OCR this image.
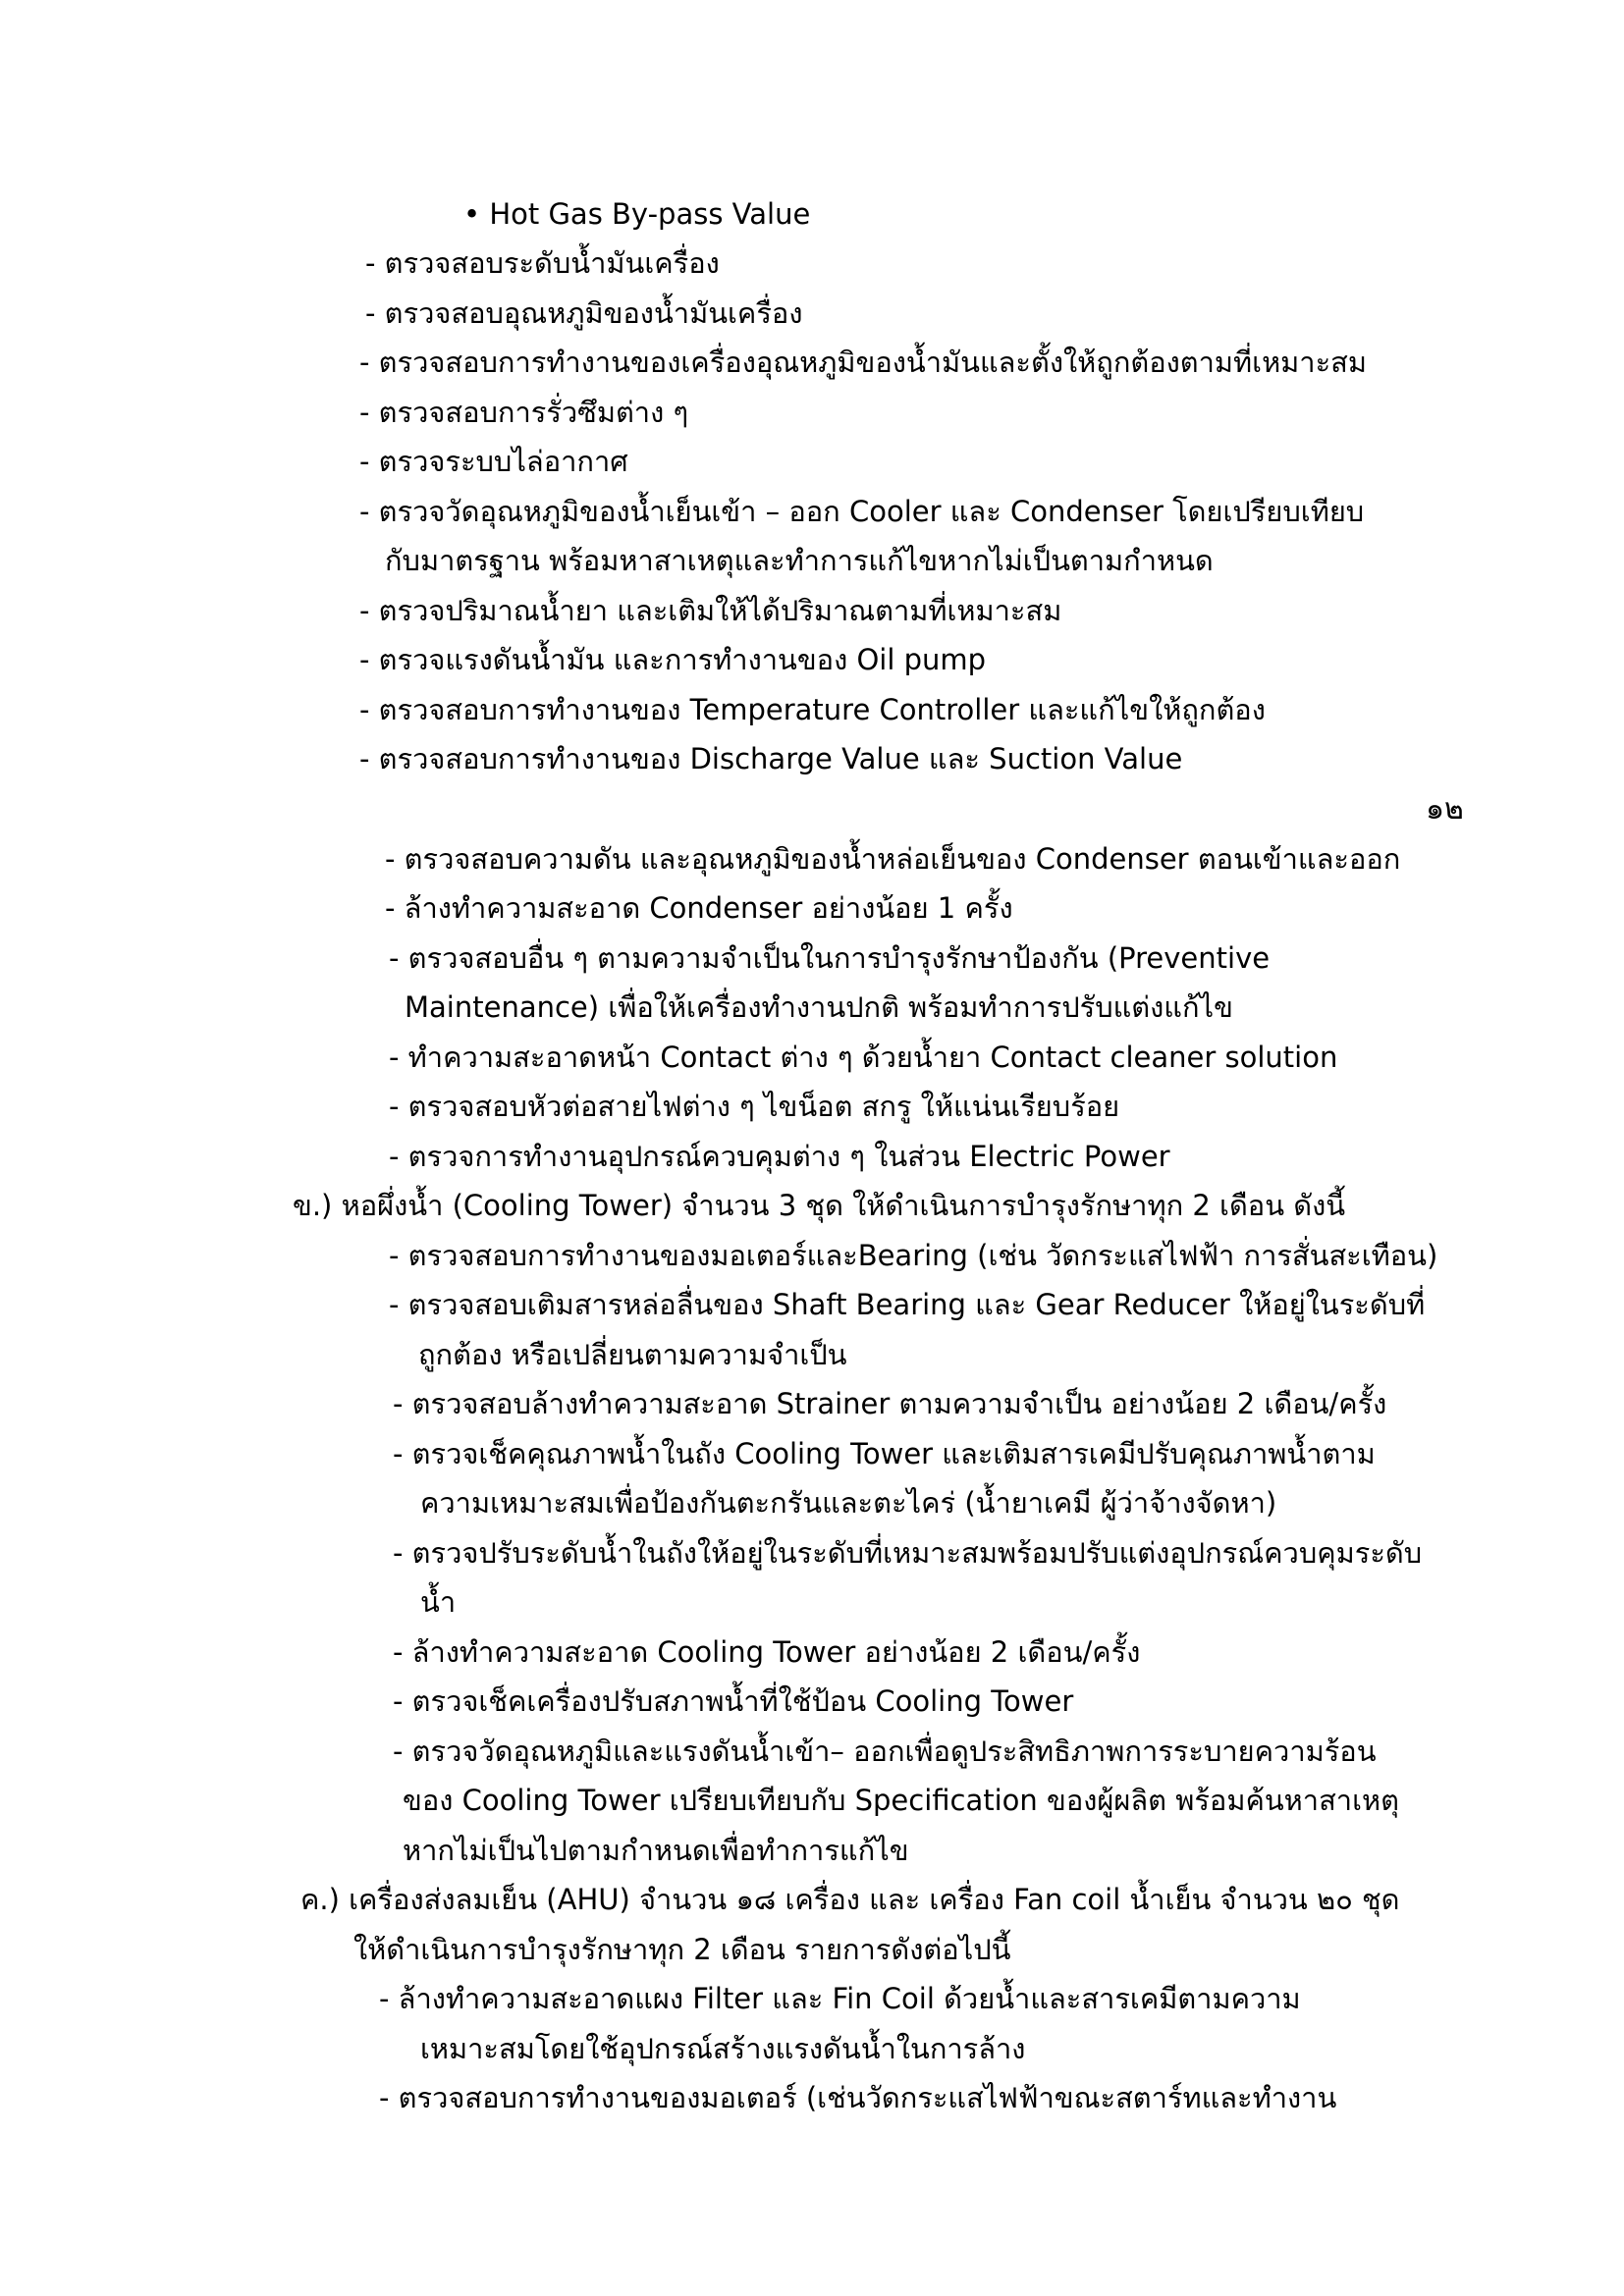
• Hot Gas By-pass Value
- ตรวจสอบระดับน้ำมันเครื่อง
- ตรวจสอบอุณหภูมิของน้ำมันเครื่อง
- ตรวจสอบการทำงานของเครื่องอุณหภูมิของน้ำมันและตั้งให้ถูกต้องตามที่เหมาะสม
- ตรวจสอบการรั่วซึมต่าง ๆ
- ตรวจระบบไล่อากาศ
- ตรวจวัดอุณหภูมิของน้ำเย็นเข้า – ออก Cooler และ Condenser โดยเปรียบเทียบ
กับมาตรฐาน พร้อมหาสาเหตุและทำการแก้ไขหากไม่เป็นตามกำหนด
- ตรวจปริมาณน้ำยา และเติมให้ได้ปริมาณตามที่เหมาะสม
- ตรวจแรงดันน้ำมัน และการทำงานของ Oil pump
- ตรวจสอบการทำงานของ Temperature Controller และแก้ไขให้ถูกต้อง
- ตรวจสอบการทำงานของ Discharge Value และ Suction Value
๑๒
- ตรวจสอบความดัน และอุณหภูมิของน้ำหล่อเย็นของ Condenser ตอนเข้าและออก
- ล้างทำความสะอาด Condenser อย่างน้อย 1 ครั้ง
- ตรวจสอบอื่น ๆ ตามความจำเป็นในการบำรุงรักษาป้องกัน (Preventive
Maintenance) เพื่อให้เครื่องทำงานปกติ พร้อมทำการปรับแต่งแก้ไข
- ทำความสะอาดหน้า Contact ต่าง ๆ ด้วยน้ำยา Contact cleaner solution
- ตรวจสอบหัวต่อสายไฟต่าง ๆ ไขน็อต สกรู ให้แน่นเรียบร้อย
- ตรวจการทำงานอุปกรณ์ควบคุมต่าง ๆ ในส่วน Electric Power
ข.) หอผึ่งน้ำ (Cooling Tower) จำนวน 3 ชุด ให้ดำเนินการบำรุงรักษาทุก 2 เดือน ดังนี้
- ตรวจสอบการทำงานของมอเตอร์และBearing (เช่น วัดกระแสไฟฟ้า การสั่นสะเทือน)
- ตรวจสอบเติมสารหล่อลื่นของ Shaft Bearing และ Gear Reducer ให้อยู่ในระดับที่
ถูกต้อง หรือเปลี่ยนตามความจำเป็น
- ตรวจสอบล้างทำความสะอาด Strainer ตามความจำเป็น อย่างน้อย 2 เดือน/ครั้ง
- ตรวจเช็คคุณภาพน้ำในถัง Cooling Tower และเติมสารเคมีปรับคุณภาพน้ำตาม
ความเหมาะสมเพื่อป้องกันตะกรันและตะไคร่ (น้ำยาเคมี ผู้ว่าจ้างจัดหา)
- ตรวจปรับระดับน้ำในถังให้อยู่ในระดับที่เหมาะสมพร้อมปรับแต่งอุปกรณ์ควบคุมระดับ
น้ำ
- ล้างทำความสะอาด Cooling Tower อย่างน้อย 2 เดือน/ครั้ง
- ตรวจเช็คเครื่องปรับสภาพน้ำที่ใช้ป้อน Cooling Tower
- ตรวจวัดอุณหภูมิและแรงดันน้ำเข้า– ออกเพื่อดูประสิทธิภาพการระบายความร้อน
ของ Cooling Tower เปรียบเทียบกับ Specification ของผู้ผลิต พร้อมค้นหาสาเหตุ
หากไม่เป็นไปตามกำหนดเพื่อทำการแก้ไข
ค.) เครื่องส่งลมเย็น (AHU) จำนวน ๑๘ เครื่อง และ เครื่อง Fan coil น้ำเย็น จำนวน ๒๐ ชุด
ให้ดำเนินการบำรุงรักษาทุก 2 เดือน รายการดังต่อไปนี้
- ล้างทำความสะอาดแผง Filter และ Fin Coil ด้วยน้ำและสารเคมีตามความ
เหมาะสมโดยใช้อุปกรณ์สร้างแรงดันน้ำในการล้าง
- ตรวจสอบการทำงานของมอเตอร์ (เช่นวัดกระแสไฟฟ้าขณะสตาร์ทและทำงาน
